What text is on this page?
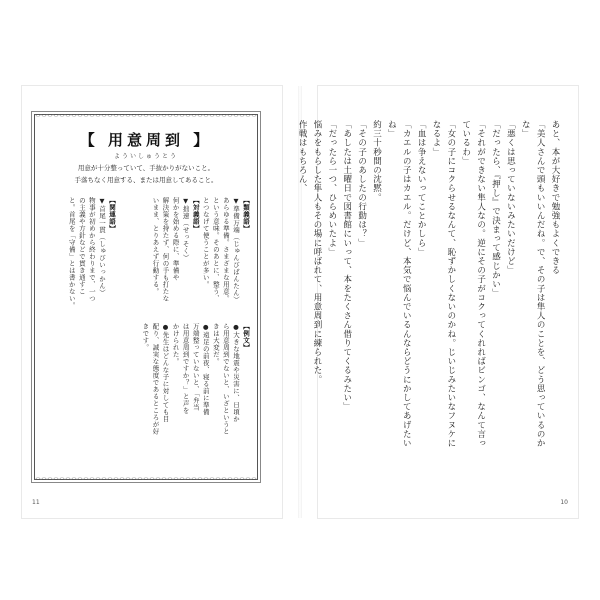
【 用意周到 】
よういしゅうとう
用意が十分整っていて、手抜かりがないこと。
手落ちなく用意する、または用意してあること。
【類義語】
▼準備万端（じゅんびばんたん）
あらゆる準備。さまざまな用意。
という意味。そのあとに、整う、
とつなげて使うことが多い。
【対義語】
▼拙速（せっそく）
何かを始める際に、準備や
解決策を持たず、何の手も打たな
いまま、とりあえず行動する。
【関連語】
▼首尾一貫（しゅびいっかん）
物事が初めから終わりまで、一つ
の主義や方針などで貫き通すこ
と。首尾を「守備」とは書かない。
【例文】
●大きな地震や災害に、日頃か
ら用意周到でないと、いざというと
きは大変だ。
●遠足の前夜、寝る前に準備
万端整っていないと、「弁当
は用意周到ですか？」と声を
かけられた。
●先生はどんな子に対しても目
配り、誠実な態度であるところが好
きです。
11
あと、本が大好きで勉強もよくできる
「美人さんで頭もいいんだね。で、その子は隼人のことを、どう思っているのかな」
「悪くは思っていないみたいだけど」
「だったら、『押し』で決まって感じかい」
「それができない隼人なの。逆にその子がコクってくれればビンゴ、なんて言っているわ」
「女の子にコクらせるなんて、恥ずかしくないのかね。じいじみたいなフヌケになるよ」
「血は争えないってことかしら」
「カエルの子はカエル。だけど、本気で悩んでいるんならどうにかしてあげたいね」
約三十秒間の沈黙。
「その子のあしたの行動は？」
「あしたは土曜日で図書館にいって、本をたくさん借りてくるみたい」
「だったら一つ、ひらめいたよ」
悩みをもらした隼人もその場に呼ばれて、用意周到に練られた。
作戦はもちろん、
10
